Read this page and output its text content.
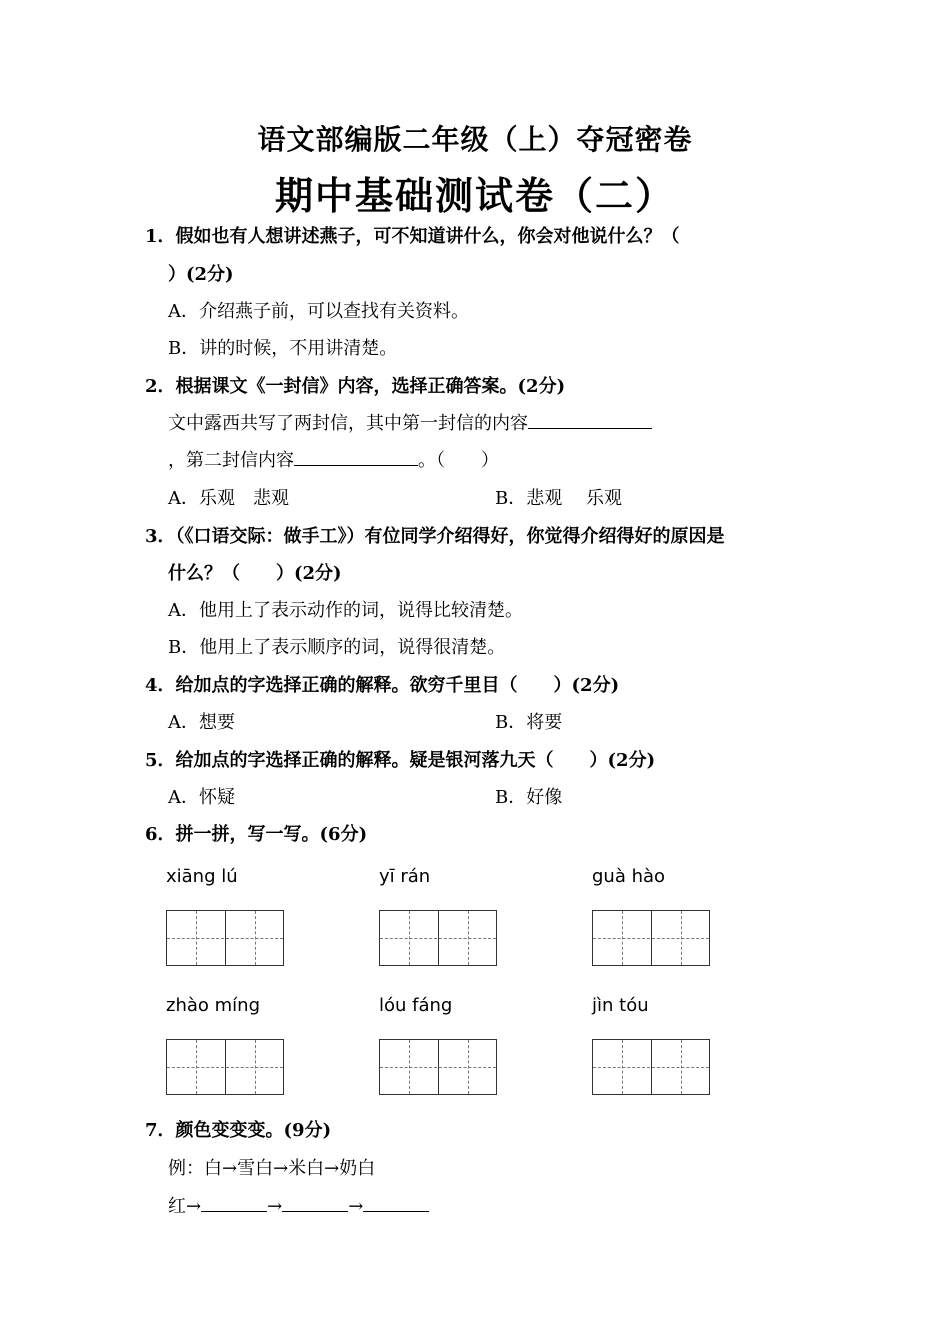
语文部编版二年级（上）夺冠密卷
期中基础测试卷（二）
1．假如也有人想讲述燕子，可不知道讲什么，你会对他说什么？（
）(2分)
A．介绍燕子前，可以查找有关资料。
B．讲的时候，不用讲清楚。
2．根据课文《一封信》内容，选择正确答案。(2分)
文中露西共写了两封信，其中第一封信的内容
，第二封信内容	。（　　）
A．乐观　悲观	B．悲观　 乐观
3．（《口语交际：做手工》）有位同学介绍得好，你觉得介绍得好的原因是
什么？（　　）(2分)
A．他用上了表示动作的词，说得比较清楚。
B．他用上了表示顺序的词，说得很清楚。
4．给加点的字选择正确的解释。欲穷千里目（　　）(2分)
A．想要	B．将要
5．给加点的字选择正确的解释。疑是银河落九天（　　）(2分)
A．怀疑	B．好像
6．拼一拼，写一写。(6分)
xiāng lú	yī rán	guà hào
zhào míng	lóu fáng	jìn tóu
7．颜色变变变。(9分)
例：白→雪白→米白→奶白
红→	→	→
